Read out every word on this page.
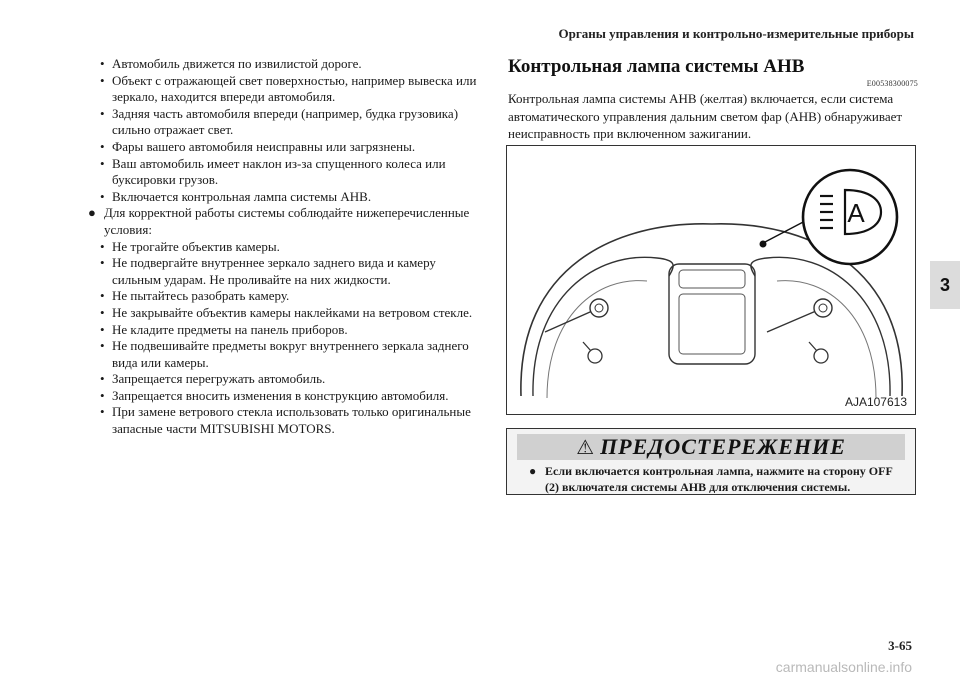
Органы управления и контрольно-измерительные приборы
3
• Автомобиль движется по извилистой дороге.
• Объект с отражающей свет поверхностью, например вывеска или зеркало, находится впереди автомобиля.
• Задняя часть автомобиля впереди (например, будка грузовика) сильно отражает свет.
• Фары вашего автомобиля неисправны или загрязнены.
• Ваш автомобиль имеет наклон из-за спущенного колеса или буксировки грузов.
• Включается контрольная лампа системы AHB.
● Для корректной работы системы соблюдайте нижеперечисленные условия:
• Не трогайте объектив камеры.
• Не подвергайте внутреннее зеркало заднего вида и камеру сильным ударам. Не проливайте на них жидкости.
• Не пытайтесь разобрать камеру.
• Не закрывайте объектив камеры наклейками на ветровом стекле.
• Не кладите предметы на панель приборов.
• Не подвешивайте предметы вокруг внутреннего зеркала заднего вида или камеры.
• Запрещается перегружать автомобиль.
• Запрещается вносить изменения в конструкцию автомобиля.
• При замене ветрового стекла использовать только оригинальные запасные части MITSUBISHI MOTORS.
Контрольная лампа системы AHB
E00538300075
Контрольная лампа системы AHB (желтая) включается, если система автоматического управления дальним светом фар (AHB) обнаруживает неисправность при включенном зажигании.
A
AJA107613
⚠ ПРЕДОСТЕРЕЖЕНИЕ
● Если включается контрольная лампа, нажмите на сторону OFF (2) включателя системы AHB для отключения системы.
3-65
carmanualsonline.info
